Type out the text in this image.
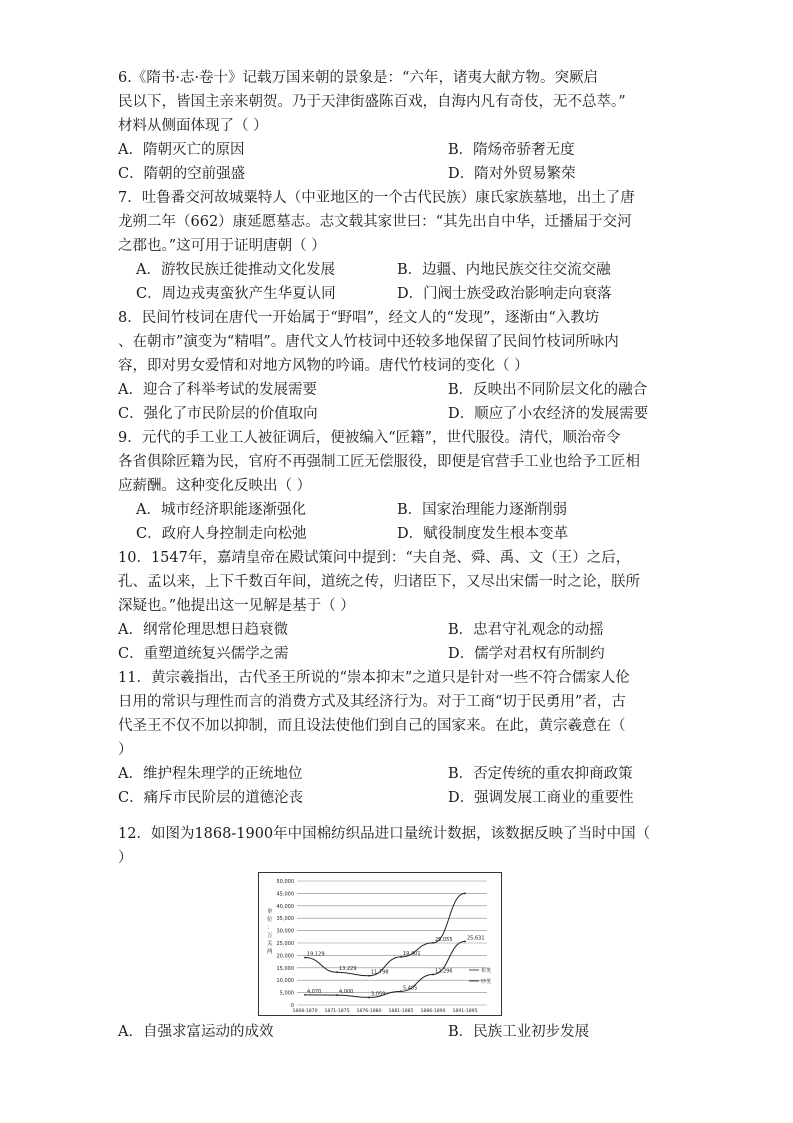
6.《隋书·志·卷十》记载万国来朝的景象是：“六年，诸夷大献方物。突厥启
民以下，皆国主亲来朝贺。乃于天津街盛陈百戏，自海内凡有奇伎，无不总萃。”
材料从侧面体现了（ ）
A．隋朝灭亡的原因	B．隋炀帝骄奢无度
C．隋朝的空前强盛	D．隋对外贸易繁荣
7．吐鲁番交河故城粟特人（中亚地区的一个古代民族）康氏家族墓地，出土了唐
龙朔二年（662）康延愿墓志。志文载其家世曰：“其先出自中华，迁播届于交河
之郡也。”这可用于证明唐朝（ ）
A．游牧民族迁徙推动文化发展	B．边疆、内地民族交往交流交融
C．周边戎夷蛮狄产生华夏认同	D．门阀士族受政治影响走向衰落
8．民间竹枝词在唐代一开始属于“野唱”，经文人的“发现”，逐渐由“入教坊
、在朝市”演变为“精唱”。唐代文人竹枝词中还较多地保留了民间竹枝词所咏内
容，即对男女爱情和对地方风物的吟诵。唐代竹枝词的变化（ ）
A．迎合了科举考试的发展需要	B．反映出不同阶层文化的融合
C．强化了市民阶层的价值取向	D．顺应了小农经济的发展需要
9．元代的手工业工人被征调后，便被编入“匠籍”，世代服役。清代，顺治帝令
各省俱除匠籍为民，官府不再强制工匠无偿服役，即便是官营手工业也给予工匠相
应薪酬。这种变化反映出（ ）
A．城市经济职能逐渐强化	B．国家治理能力逐渐削弱
C．政府人身控制走向松弛	D．赋役制度发生根本变革
10．1547年，嘉靖皇帝在殿试策问中提到：“夫自尧、舜、禹、文（王）之后，
孔、孟以来，上下千数百年间，道统之传，归诸臣下，又尽出宋儒一时之论，朕所
深疑也。”他提出这一见解是基于（ ）
A．纲常伦理思想日趋衰微	B．忠君守礼观念的动摇
C．重塑道统复兴儒学之需	D．儒学对君权有所制约
11．黄宗羲指出，古代圣王所说的“崇本抑末”之道只是针对一些不符合儒家人伦
日用的常识与理性而言的消费方式及其经济行为。对于工商“切于民勇用”者，古
代圣王不仅不加以抑制，而且设法使他们到自己的国家来。在此，黄宗羲意在（
）
A．维护程朱理学的正统地位	B．否定传统的重农抑商政策
C．痛斥市民阶层的道德沦丧	D．强调发展工商业的重要性
12．如图为1868-1900年中国棉纺织品进口量统计数据，该数据反映了当时中国（
）
A．自强求富运动的成效	B．民族工业初步发展
50,000
45,000
40,000
35,000
30,000
25,000
20,000
15,000
10,000
5,000
0
单位：万关两
1868-1870 1871-1875 1876-1880 1881-1885 1886-1890 1891-1895
19,129
13,229
11,798
19,401
25,055
布类
4,070	4,000	3,059
5,485
12,296
25,631
纱类
